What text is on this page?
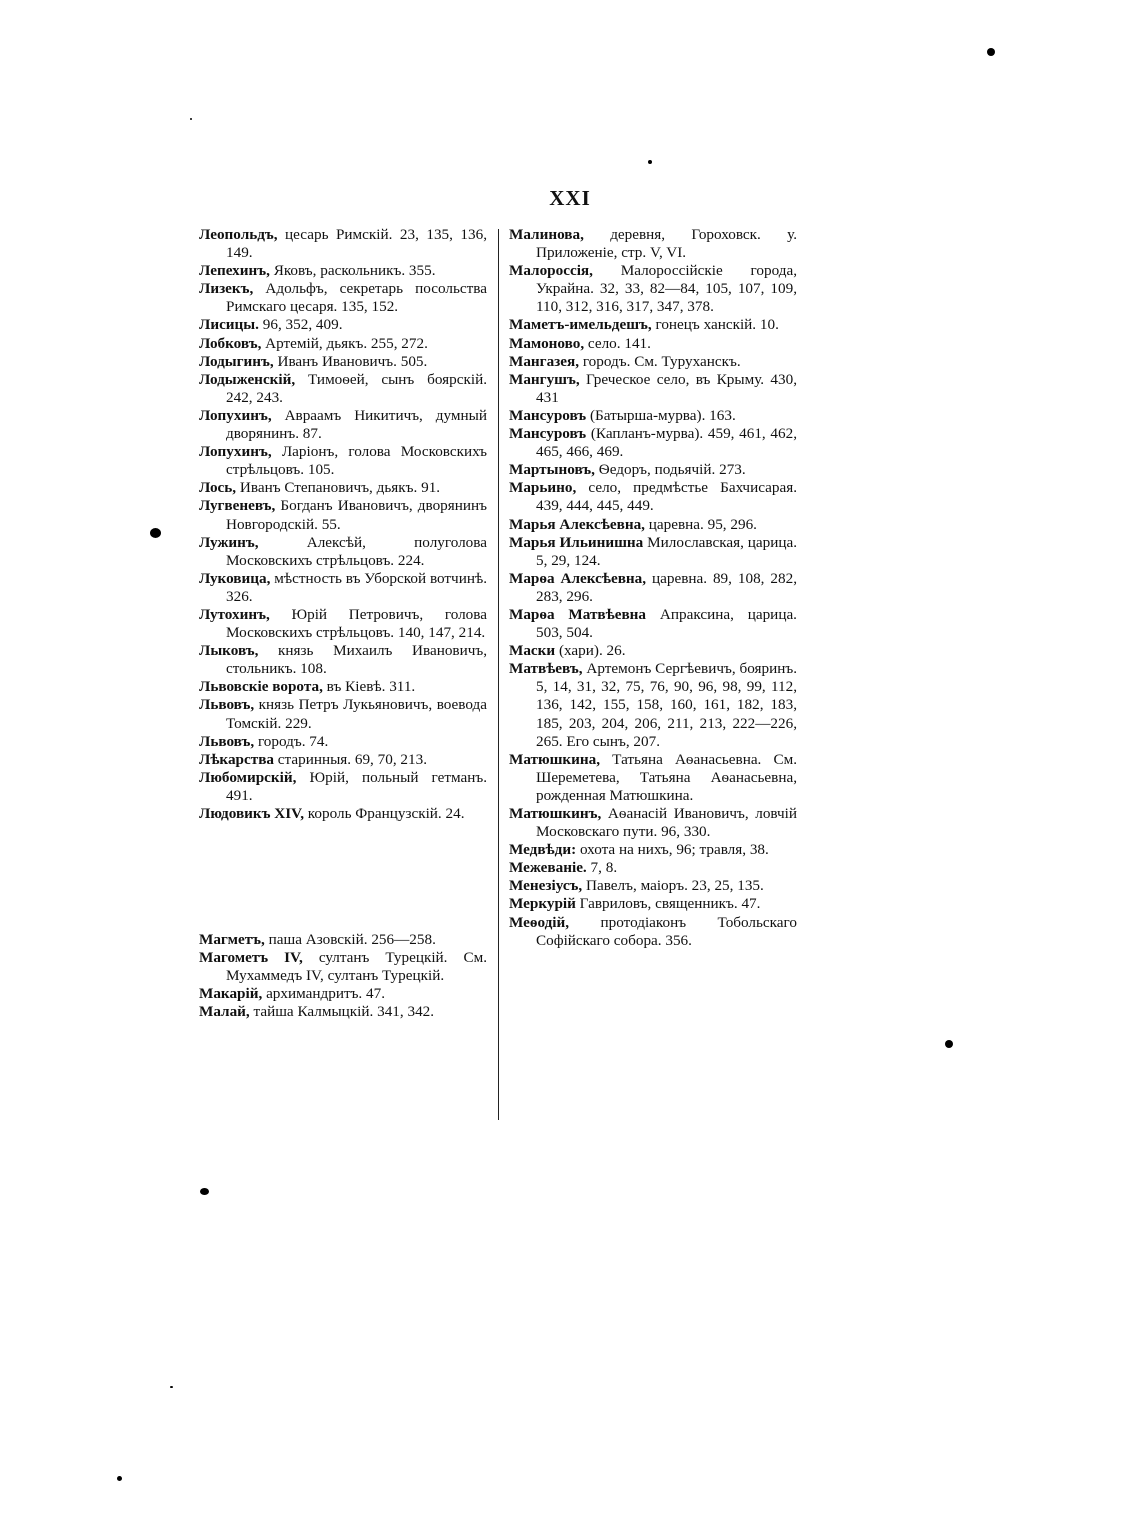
XXI

Леопольдъ, цесарь Римскій. 23, 135, 136, 149.

Лепехинъ, Яковъ, раскольникъ. 355.

Лизекъ, Адольфъ, секретарь посольства Римскаго цесаря. 135, 152.

Лисицы. 96, 352, 409.

Лобковъ, Артемій, дьякъ. 255, 272.

Лодыгинъ, Иванъ Ивановичъ. 505.

Лодыженскій, Тимоѳей, сынъ боярскій. 242, 243.

Лопухинъ, Авраамъ Никитичъ, думный дворянинъ. 87.

Лопухинъ, Ларіонъ, голова Московскихъ стрѣльцовъ. 105.

Лось, Иванъ Степановичъ, дьякъ. 91.

Лугвеневъ, Богданъ Ивановичъ, дворянинъ Новгородскій. 55.

Лужинъ, Алексѣй, полуголова Московскихъ стрѣльцовъ. 224.

Луковица, мѣстность въ Уборской вотчинѣ. 326.

Лутохинъ, Юрій Петровичъ, голова Московскихъ стрѣльцовъ. 140, 147, 214.

Лыковъ, князь Михаилъ Ивановичъ, стольникъ. 108.

Львовскіе ворота, въ Кіевѣ. 311.

Львовъ, князь Петръ Лукьяновичъ, воевода Томскій. 229.

Львовъ, городъ. 74.

Лѣкарства старинныя. 69, 70, 213.

Любомирскій, Юрій, польный гетманъ. 491.

Людовикъ XIV, король Французскій. 24.

Магметъ, паша Азовскій. 256—258.

Магометъ IV, султанъ Турецкій. См. Мухаммедъ IV, султанъ Турецкій.

Макарій, архимандритъ. 47.

Малай, тайша Калмыцкій. 341, 342.

Малинова, деревня, Гороховск. у. Приложеніе, стр. V, VI.

Малороссія, Малороссійскіе города, Украйна. 32, 33, 82—84, 105, 107, 109, 110, 312, 316, 317, 347, 378.

Маметъ-имельдешъ, гонецъ ханскій. 10.

Мамоново, село. 141.

Мангазея, городъ. См. Туруханскъ.

Мангушъ, Греческое село, въ Крыму. 430, 431

Мансуровъ (Батырша-мурва). 163.

Мансуровъ (Капланъ-мурва). 459, 461, 462, 465, 466, 469.

Мартыновъ, Ѳедоръ, подьячій. 273.

Марьино, село, предмѣстье Бахчисарая. 439, 444, 445, 449.

Марья Алексѣевна, царевна. 95, 296.

Марья Ильинишна Милославская, царица. 5, 29, 124.

Марѳа Алексѣевна, царевна. 89, 108, 282, 283, 296.

Марѳа Матвѣевна Апраксина, царица. 503, 504.

Маски (хари). 26.

Матвѣевъ, Артемонъ Сергѣевичъ, бояринъ. 5, 14, 31, 32, 75, 76, 90, 96, 98, 99, 112, 136, 142, 155, 158, 160, 161, 182, 183, 185, 203, 204, 206, 211, 213, 222—226, 265. Его сынъ, 207.

Матюшкина, Татьяна Аѳанасьевна. См. Шереметева, Татьяна Аѳанасьевна, рожденная Матюшкина.

Матюшкинъ, Аѳанасій Ивановичъ, ловчій Московскаго пути. 96, 330.

Медвѣди: охота на нихъ, 96; травля, 38.

Межеваніе. 7, 8.

Менезіусъ, Павелъ, маіоръ. 23, 25, 135.

Меркурій Гавриловъ, священникъ. 47.

Меѳодій, протодіаконъ Тобольскаго Софійскаго собора. 356.
